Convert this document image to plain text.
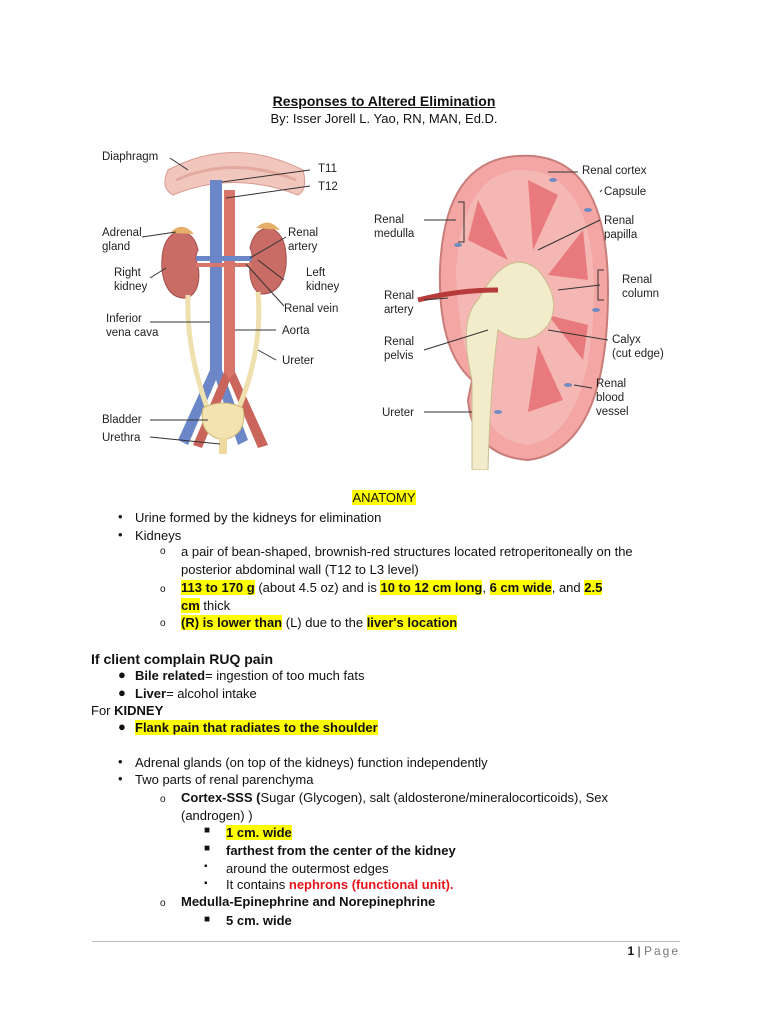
Responses to Altered Elimination
By: Isser Jorell L. Yao, RN, MAN, Ed.D.
Diaphragm
T11
T12
Adrenal
gland
Renal
artery
Right
kidney
Left
kidney
Renal vein
Inferior
vena cava	Aorta
Ureter
Bladder
Urethra
Renal cortex
Capsule
Renal
medulla
Renal
papilla
Renal
column
Renal
artery
Renal
pelvis
Calyx
(cut edge)
Renal
blood
vessel
Ureter
ANATOMY
• Urine formed by the kidneys for elimination
• Kidneys
o a pair of bean-shaped, brownish-red structures located retroperitoneally on the
posterior abdominal wall (T12 to L3 level)
o 113 to 170 g (about 4.5 oz) and is 10 to 12 cm long, 6 cm wide, and 2.5
cm thick
o (R) is lower than (L) due to the liver's location
If client complain RUQ pain
● Bile related= ingestion of too much fats
● Liver= alcohol intake
For KIDNEY
● Flank pain that radiates to the shoulder
• Adrenal glands (on top of the kidneys) function independently
• Two parts of renal parenchyma
o Cortex-SSS (Sugar (Glycogen), salt (aldosterone/mineralocorticoids), Sex
(androgen) )
■ 1 cm. wide
■ farthest from the center of the kidney
▪ around the outermost edges
▪ It contains nephrons (functional unit).
o Medulla-Epinephrine and Norepinephrine
■ 5 cm. wide
1 | Page
